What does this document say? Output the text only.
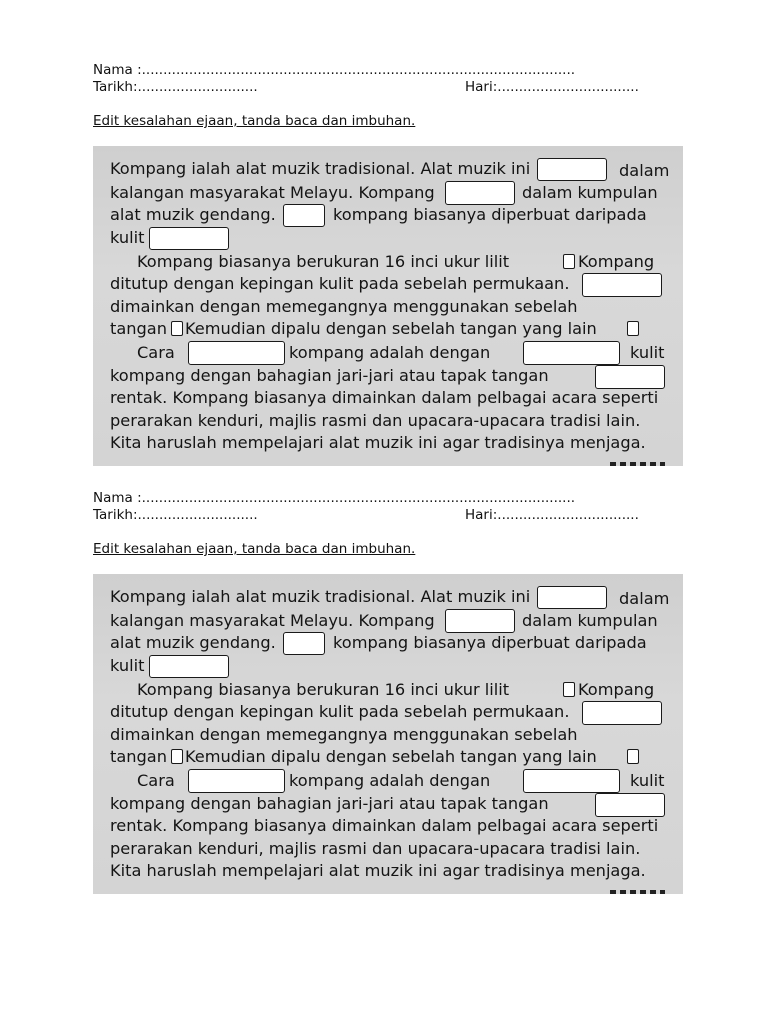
Nama :.....................................................................................................
Tarikh:............................	Hari:.................................
Edit kesalahan ejaan, tanda baca dan imbuhan.
Kompang ialah alat muzik tradisional. Alat muzik ini	dalam
kalangan masyarakat Melayu. Kompang	dalam kumpulan
alat muzik gendang.	kompang biasanya diperbuat daripada
kulit
Kompang biasanya berukuran 16 inci ukur lilit	Kompang
ditutup dengan kepingan kulit pada sebelah permukaan.
dimainkan dengan memegangnya menggunakan sebelah
tangan Kemudian dipalu dengan sebelah tangan yang lain
Cara	kompang adalah dengan	kulit
kompang dengan bahagian jari-jari atau tapak tangan
rentak. Kompang biasanya dimainkan dalam pelbagai acara seperti
perarakan kenduri, majlis rasmi dan upacara-upacara tradisi lain.
Kita haruslah mempelajari alat muzik ini agar tradisinya menjaga.
Nama :.....................................................................................................
Tarikh:............................	Hari:.................................
Edit kesalahan ejaan, tanda baca dan imbuhan.
Kompang ialah alat muzik tradisional. Alat muzik ini	dalam
kalangan masyarakat Melayu. Kompang	dalam kumpulan
alat muzik gendang.	kompang biasanya diperbuat daripada
kulit
Kompang biasanya berukuran 16 inci ukur lilit	Kompang
ditutup dengan kepingan kulit pada sebelah permukaan.
dimainkan dengan memegangnya menggunakan sebelah
tangan Kemudian dipalu dengan sebelah tangan yang lain
Cara	kompang adalah dengan	kulit
kompang dengan bahagian jari-jari atau tapak tangan
rentak. Kompang biasanya dimainkan dalam pelbagai acara seperti
perarakan kenduri, majlis rasmi dan upacara-upacara tradisi lain.
Kita haruslah mempelajari alat muzik ini agar tradisinya menjaga.
